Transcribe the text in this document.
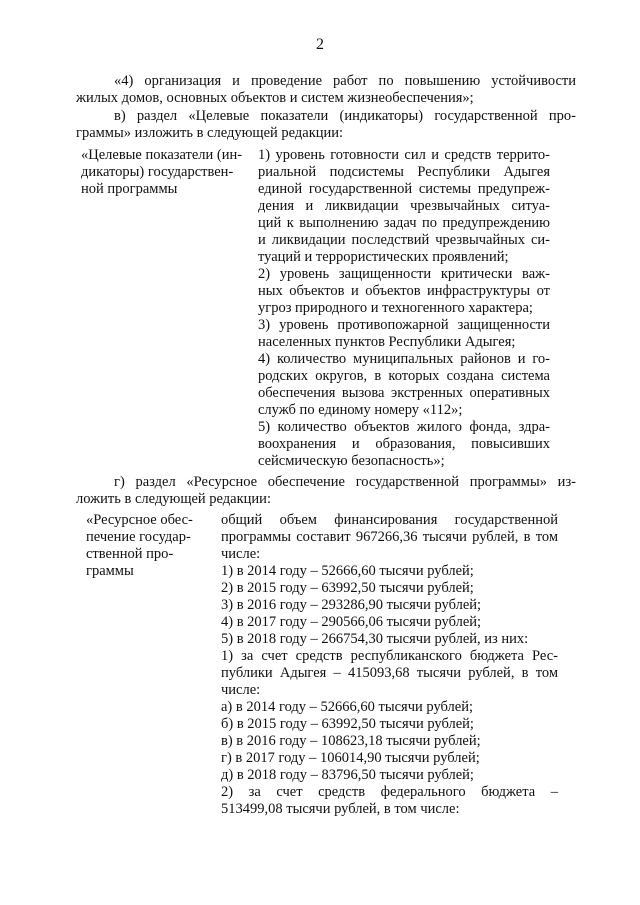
2

«4) организация и проведение работ по повышению устойчивости
жилых домов, основных объектов и систем жизнеобеспечения»;

в) раздел «Целевые показатели (индикаторы) государственной про-
граммы» изложить в следующей редакции:

«Целевые показатели (ин-
дикаторы) государствен-
ной программы
1) уровень готовности сил и средств террито-
риальной подсистемы Республики Адыгея
единой государственной системы предупреж-
дения и ликвидации чрезвычайных ситуа-
ций к выполнению задач по предупреждению
и ликвидации последствий чрезвычайных си-
туаций и террористических проявлений;
2) уровень защищенности критически важ-
ных объектов и объектов инфраструктуры от
угроз природного и техногенного характера;
3) уровень противопожарной защищенности
населенных пунктов Республики Адыгея;
4) количество муниципальных районов и го-
родских округов, в которых создана система
обеспечения вызова экстренных оперативных
служб по единому номеру «112»;
5) количество объектов жилого фонда, здра-
воохранения и образования, повысивших
сейсмическую безопасность»;

г) раздел «Ресурсное обеспечение государственной программы» из-
ложить в следующей редакции:

«Ресурсное обес-
печение государ-
ственной про-
граммы
общий объем финансирования государственной
программы составит 967266,36 тысячи рублей, в том
числе:
1) в 2014 году – 52666,60 тысячи рублей;
2) в 2015 году – 63992,50 тысячи рублей;
3) в 2016 году – 293286,90 тысячи рублей;
4) в 2017 году – 290566,06 тысячи рублей;
5) в 2018 году – 266754,30 тысячи рублей, из них:
1) за счет средств республиканского бюджета Рес-
публики Адыгея – 415093,68 тысячи рублей, в том
числе:
а) в 2014 году – 52666,60 тысячи рублей;
б) в 2015 году – 63992,50 тысячи рублей;
в) в 2016 году – 108623,18 тысячи рублей;
г) в 2017 году – 106014,90 тысячи рублей;
д) в 2018 году – 83796,50 тысячи рублей;
2) за счет средств федерального бюджета –
513499,08 тысячи рублей, в том числе:
